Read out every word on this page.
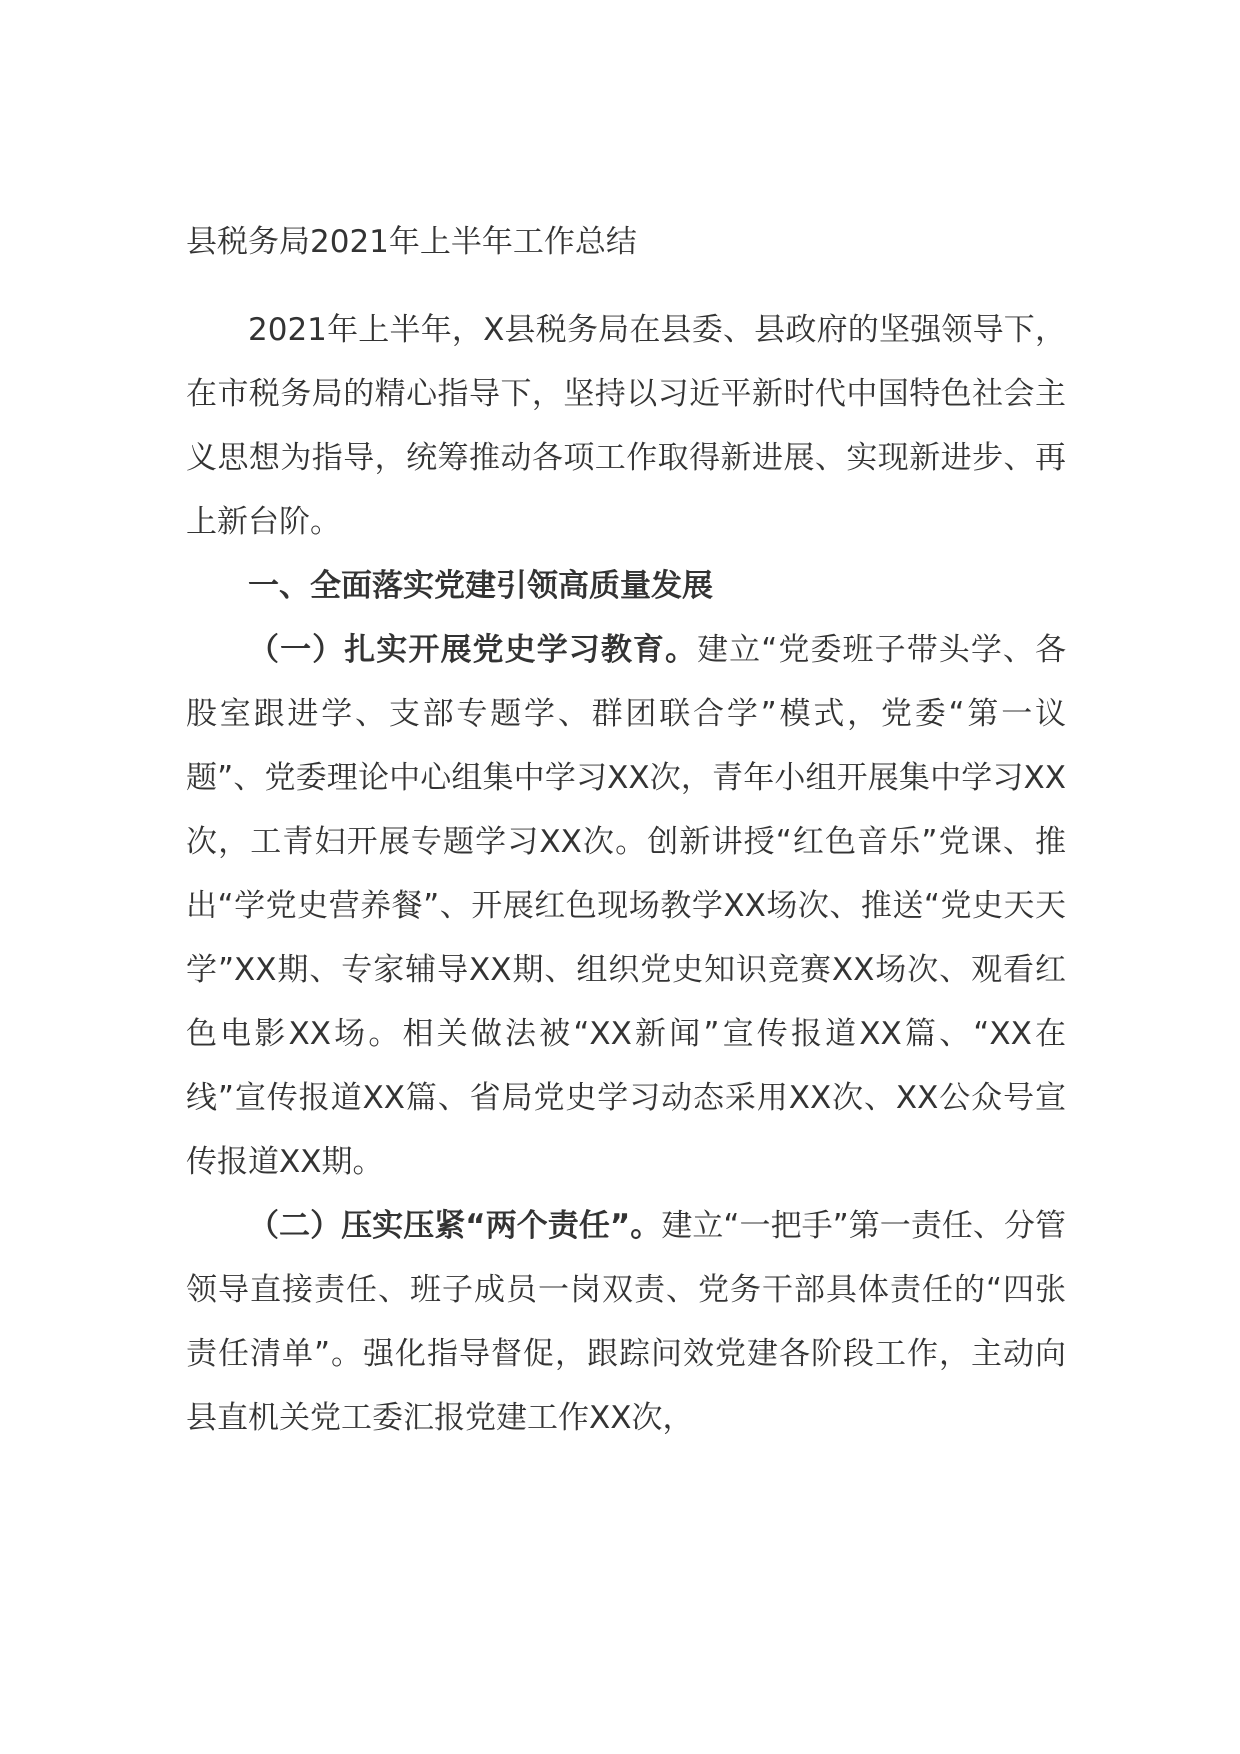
县税务局2021年上半年工作总结

2021年上半年，X县税务局在县委、县政府的坚强领导下，在市税务局的精心指导下，坚持以习近平新时代中国特色社会主义思想为指导，统筹推动各项工作取得新进展、实现新进步、再上新台阶。

一、全面落实党建引领高质量发展

（一）扎实开展党史学习教育。建立“党委班子带头学、各股室跟进学、支部专题学、群团联合学”模式，党委“第一议题”、党委理论中心组集中学习XX次，青年小组开展集中学习XX次，工青妇开展专题学习XX次。创新讲授“红色音乐”党课、推出“学党史营养餐”、开展红色现场教学XX场次、推送“党史天天学”XX期、专家辅导XX期、组织党史知识竞赛XX场次、观看红色电影XX场。相关做法被“XX新闻”宣传报道XX篇、“XX在线”宣传报道XX篇、省局党史学习动态采用XX次、XX公众号宣传报道XX期。

（二）压实压紧“两个责任”。建立“一把手”第一责任、分管领导直接责任、班子成员一岗双责、党务干部具体责任的“四张责任清单”。强化指导督促，跟踪问效党建各阶段工作，主动向县直机关党工委汇报党建工作XX次，
